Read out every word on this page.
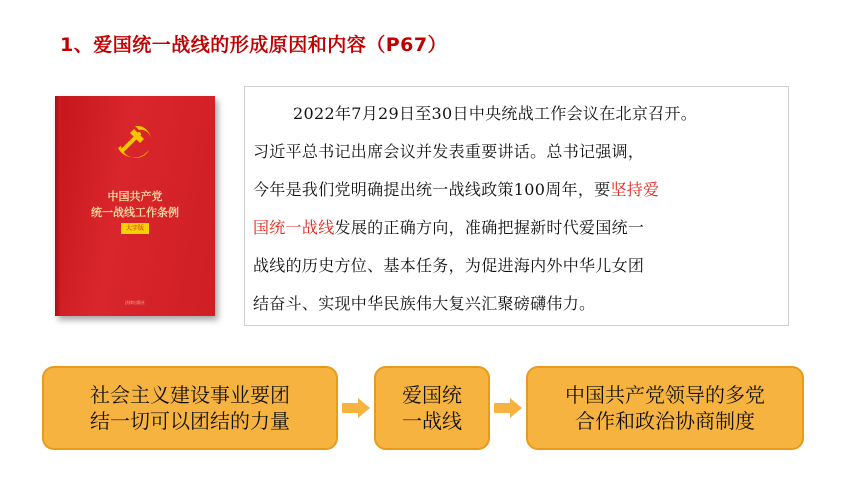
1、爱国统一战线的形成原因和内容（P67）
中国共产党
统一战线工作条例
大字版
法律出版社
2022年7月29日至30日中央统战工作会议在北京召开。
习近平总书记出席会议并发表重要讲话。总书记强调，
今年是我们党明确提出统一战线政策100周年，要坚持爱
国统一战线发展的正确方向，准确把握新时代爱国统一
战线的历史方位、基本任务，为促进海内外中华儿女团
结奋斗、实现中华民族伟大复兴汇聚磅礴伟力。
社会主义建设事业要团
结一切可以团结的力量
爱国统
一战线
中国共产党领导的多党
合作和政治协商制度
